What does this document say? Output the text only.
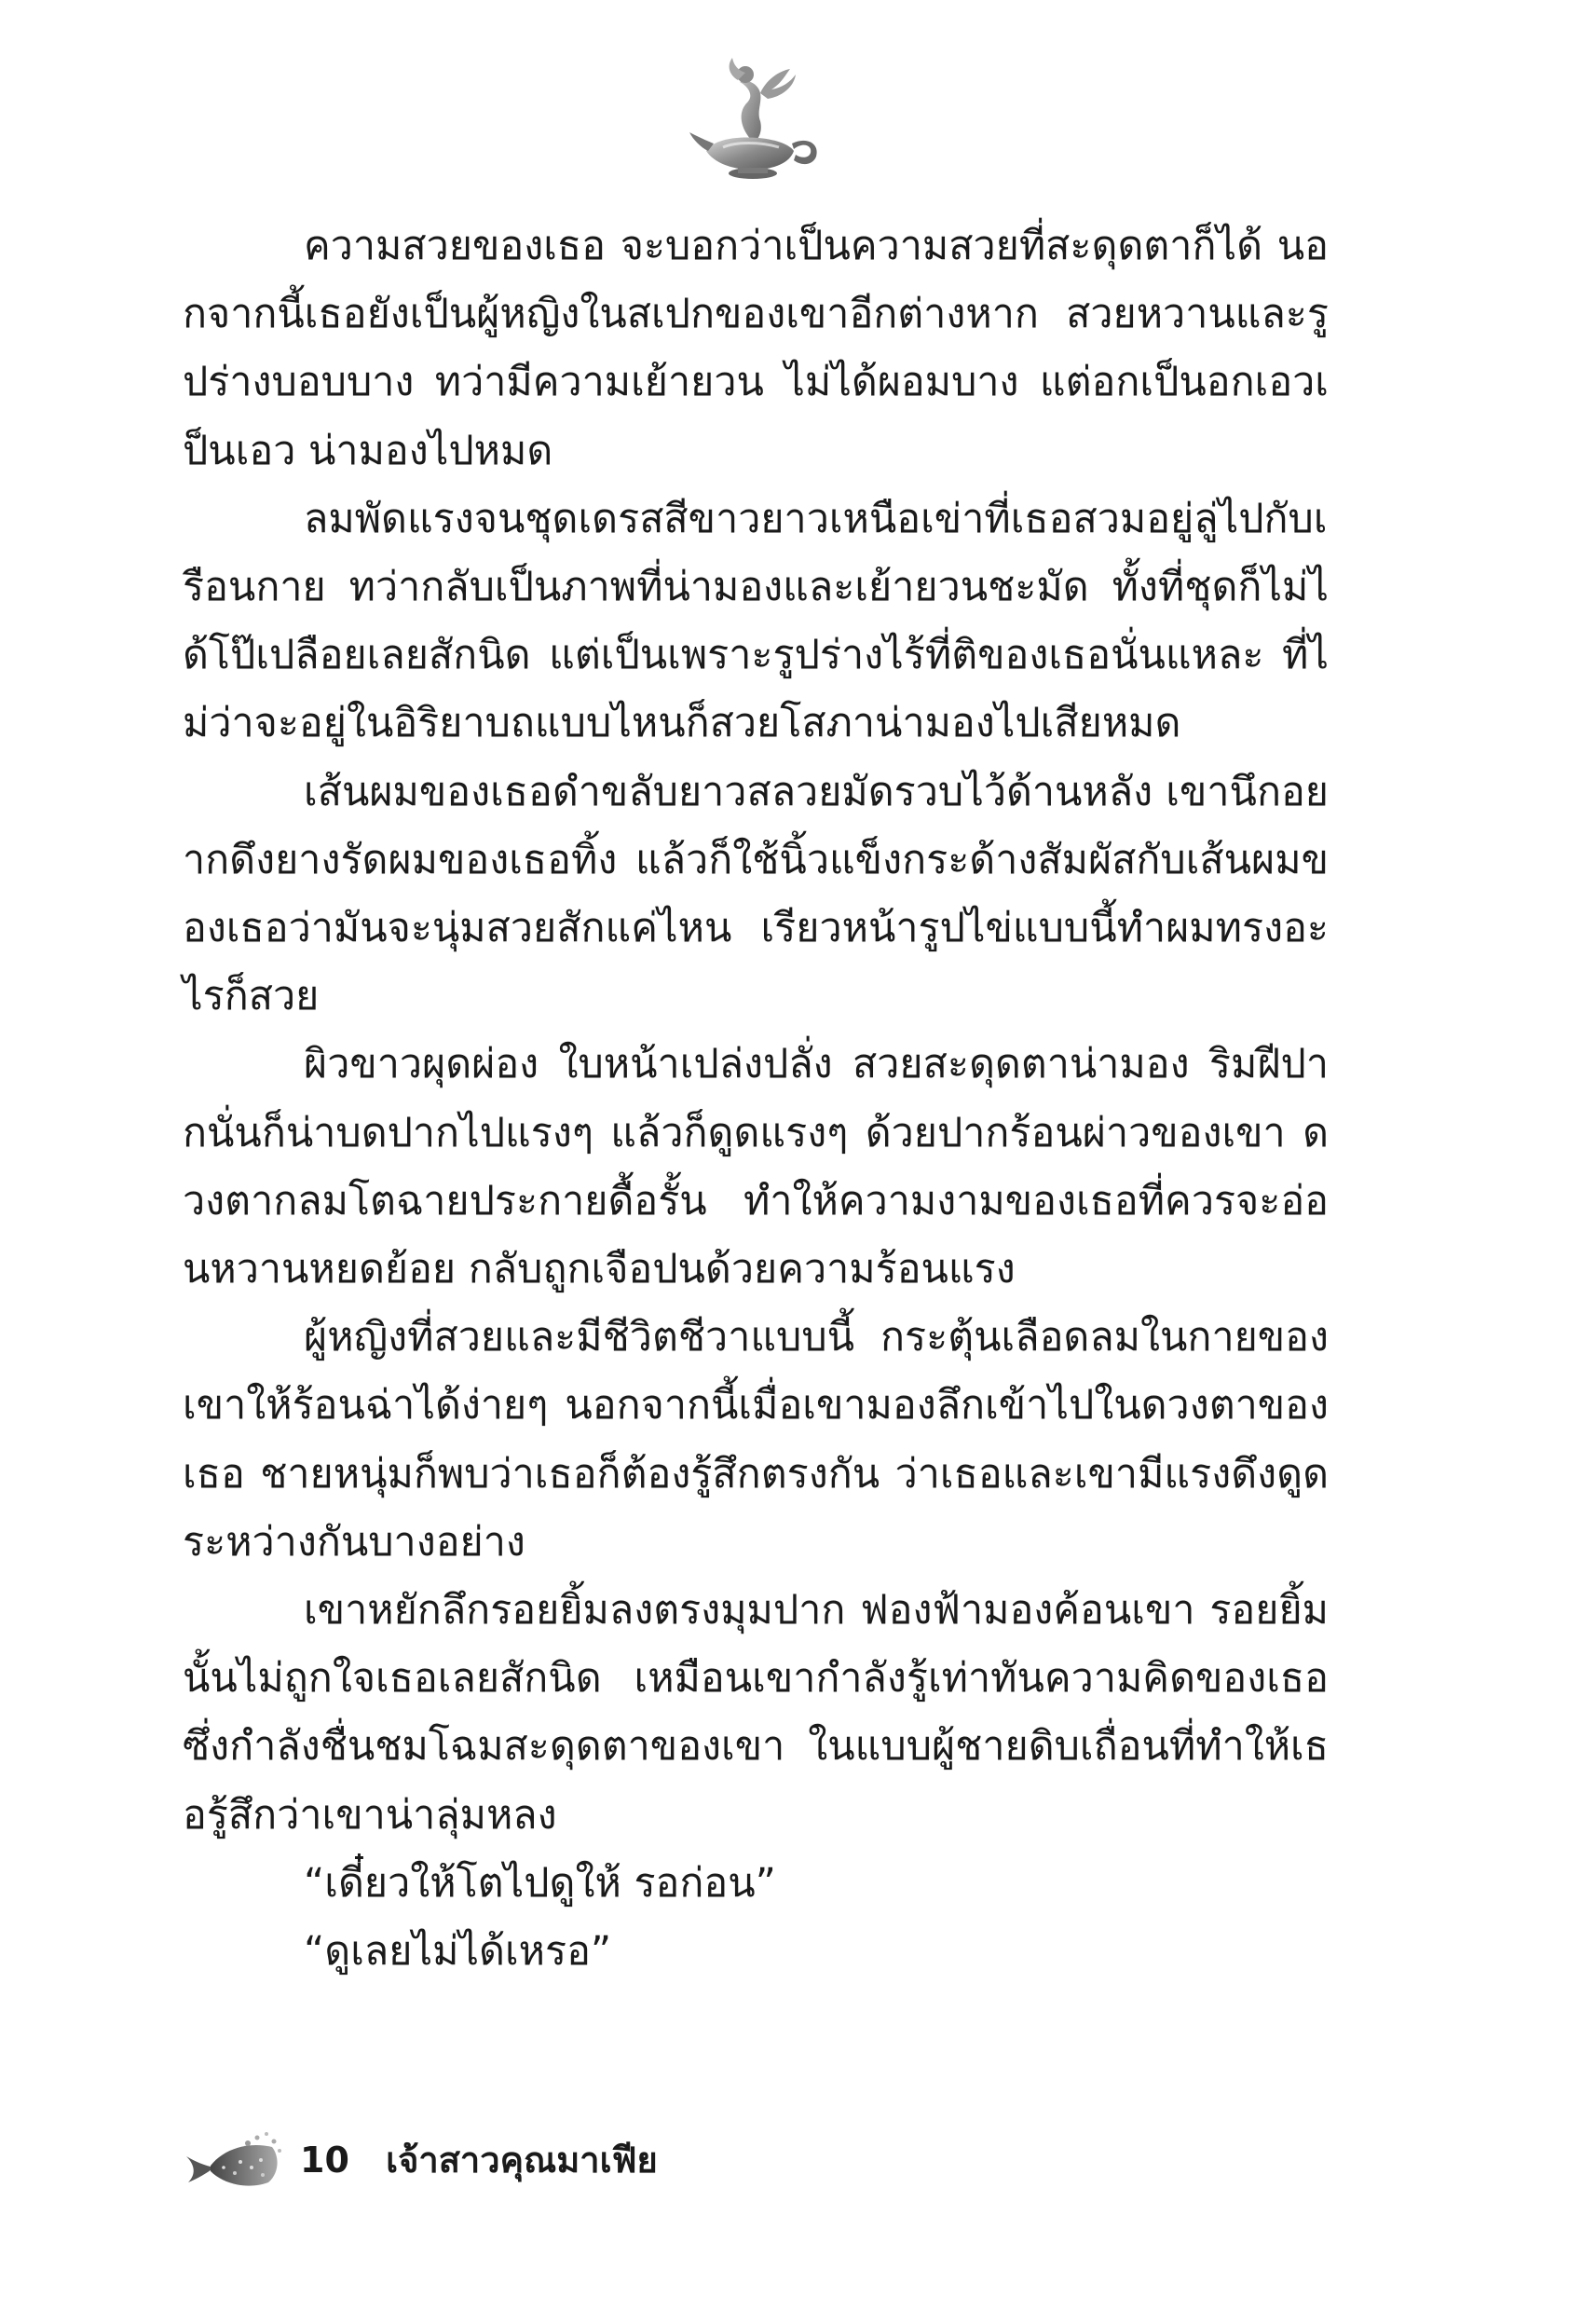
ความสวยของเธอ จะบอกว่าเป็นความสวยที่สะดุดตาก็ได้ นอกจากนี้เธอยังเป็นผู้หญิงในสเปกของเขาอีกต่างหาก สวยหวานและรูปร่างบอบบาง ทว่ามีความเย้ายวน ไม่ได้ผอมบาง แต่อกเป็นอกเอวเป็นเอว น่ามองไปหมด

ลมพัดแรงจนชุดเดรสสีขาวยาวเหนือเข่าที่เธอสวมอยู่ลู่ไปกับเรือนกาย ทว่ากลับเป็นภาพที่น่ามองและเย้ายวนชะมัด ทั้งที่ชุดก็ไม่ได้โป๊เปลือยเลยสักนิด แต่เป็นเพราะรูปร่างไร้ที่ติของเธอนั่นแหละ ที่ไม่ว่าจะอยู่ในอิริยาบถแบบไหนก็สวยโสภาน่ามองไปเสียหมด

เส้นผมของเธอดำขลับยาวสลวยมัดรวบไว้ด้านหลัง เขานึกอยากดึงยางรัดผมของเธอทิ้ง แล้วก็ใช้นิ้วแข็งกระด้างสัมผัสกับเส้นผมของเธอว่ามันจะนุ่มสวยสักแค่ไหน เรียวหน้ารูปไข่แบบนี้ทำผมทรงอะไรก็สวย

ผิวขาวผุดผ่อง ใบหน้าเปล่งปลั่ง สวยสะดุดตาน่ามอง ริมฝีปากนั่นก็น่าบดปากไปแรงๆ แล้วก็ดูดแรงๆ ด้วยปากร้อนผ่าวของเขา ดวงตากลมโตฉายประกายดื้อรั้น ทำให้ความงามของเธอที่ควรจะอ่อนหวานหยดย้อย กลับถูกเจือปนด้วยความร้อนแรง

ผู้หญิงที่สวยและมีชีวิตชีวาแบบนี้ กระตุ้นเลือดลมในกายของเขาให้ร้อนฉ่าได้ง่ายๆ นอกจากนี้เมื่อเขามองลึกเข้าไปในดวงตาของเธอ ชายหนุ่มก็พบว่าเธอก็ต้องรู้สึกตรงกัน ว่าเธอและเขามีแรงดึงดูดระหว่างกันบางอย่าง

เขาหยักลึกรอยยิ้มลงตรงมุมปาก ฟองฟ้ามองค้อนเขา รอยยิ้มนั้นไม่ถูกใจเธอเลยสักนิด เหมือนเขากำลังรู้เท่าทันความคิดของเธอ ซึ่งกำลังชื่นชมโฉมสะดุดตาของเขา ในแบบผู้ชายดิบเถื่อนที่ทำให้เธอรู้สึกว่าเขาน่าลุ่มหลง

“เดี๋ยวให้โตไปดูให้ รอก่อน”

“ดูเลยไม่ได้เหรอ”

10 เจ้าสาวคุณมาเฟีย
